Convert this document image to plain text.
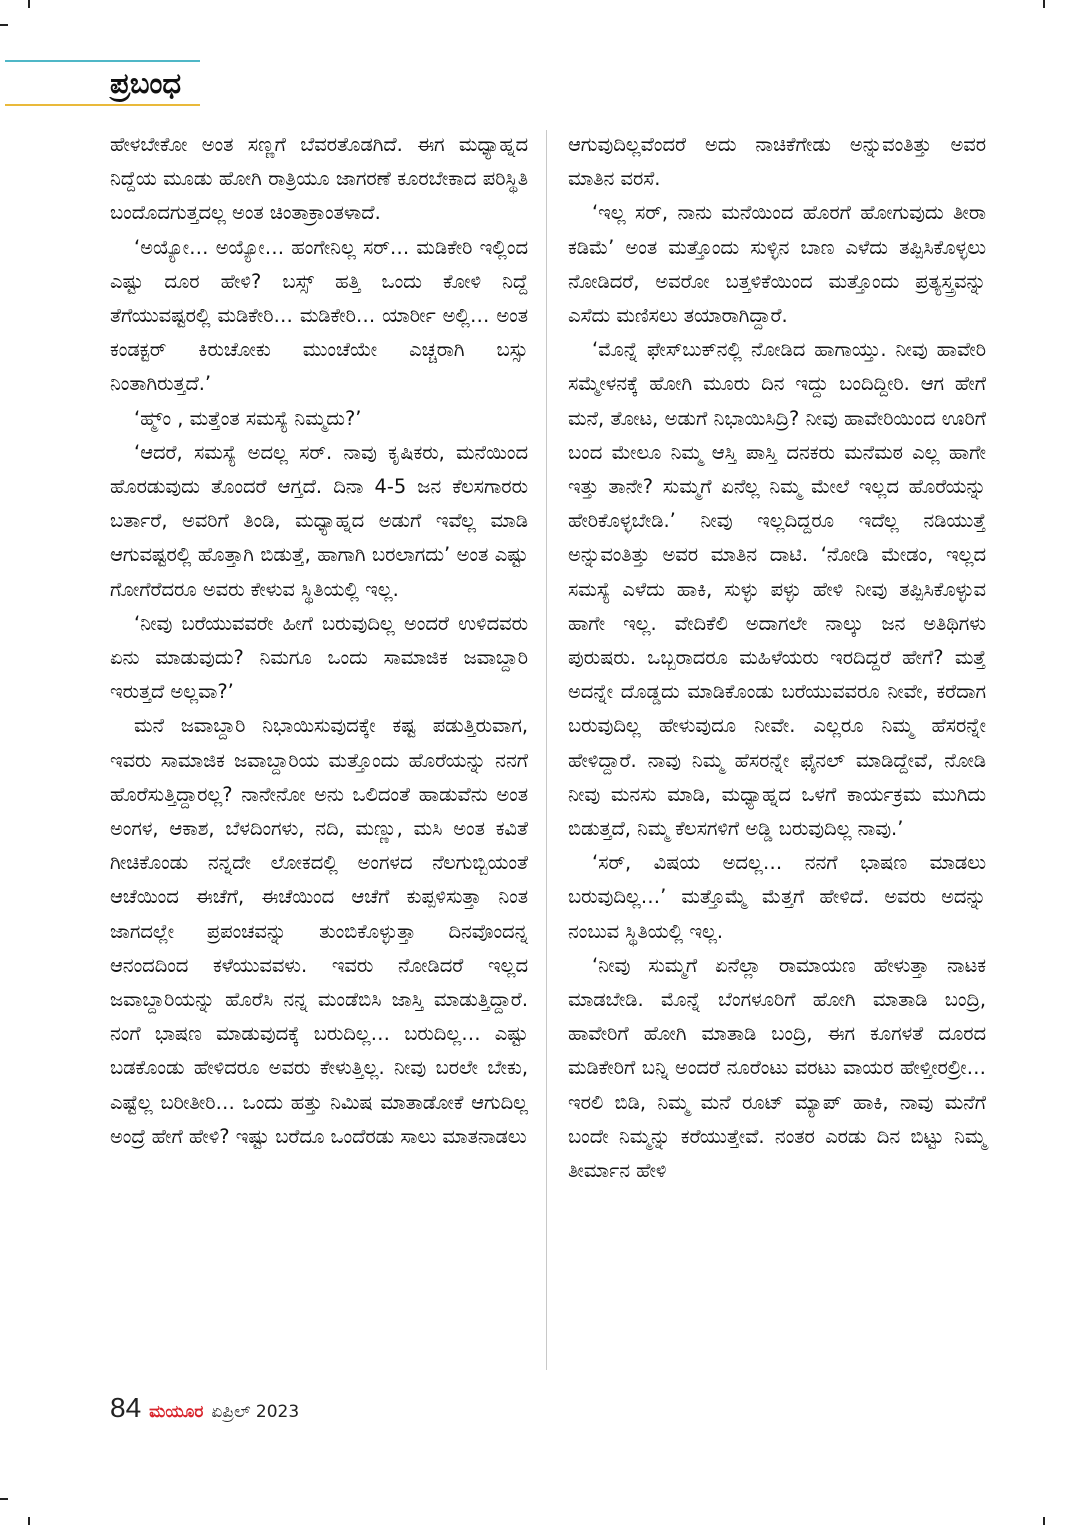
ಪ್ರಬಂಧ

ಹೇಳಬೇಕೋ ಅಂತ ಸಣ್ಣಗೆ ಬೆವರತೊಡಗಿದೆ. ಈಗ ಮಧ್ಯಾಹ್ನದ ನಿದ್ದೆಯ ಮೂಡು ಹೋಗಿ ರಾತ್ರಿಯೂ ಜಾಗರಣೆ ಕೂರಬೇಕಾದ ಪರಿಸ್ಥಿತಿ ಬಂದೊದಗುತ್ತದಲ್ಲ ಅಂತ ಚಿಂತಾಕ್ರಾಂತಳಾದೆ.

‘ಅಯ್ಯೋ… ಅಯ್ಯೋ… ಹಂಗೇನಿಲ್ಲ ಸರ್… ಮಡಿಕೇರಿ ಇಲ್ಲಿಂದ ಎಷ್ಟು ದೂರ ಹೇಳಿ? ಬಸ್ಸ್ ಹತ್ತಿ ಒಂದು ಕೋಳಿ ನಿದ್ದೆ ತೆಗೆಯುವಷ್ಟರಲ್ಲಿ ಮಡಿಕೇರಿ… ಮಡಿಕೇರಿ… ಯಾರ್ರೀ ಅಲ್ಲಿ… ಅಂತ ಕಂಡಕ್ಟರ್ ಕಿರುಚೋಕು ಮುಂಚೆಯೇ ಎಚ್ಚರಾಗಿ ಬಸ್ಸು ನಿಂತಾಗಿರುತ್ತದೆ.’

‘ಹ್ಮ್ಂ , ಮತ್ತೆಂತ ಸಮಸ್ಯೆ ನಿಮ್ಮದು?’

‘ಆದರೆ, ಸಮಸ್ಯೆ ಅದಲ್ಲ ಸರ್. ನಾವು ಕೃಷಿಕರು, ಮನೆಯಿಂದ ಹೊರಡುವುದು ತೊಂದರೆ ಆಗ್ತದೆ. ದಿನಾ 4-5 ಜನ ಕೆಲಸಗಾರರು ಬರ್ತಾರೆ, ಅವರಿಗೆ ತಿಂಡಿ, ಮಧ್ಯಾಹ್ನದ ಅಡುಗೆ ಇವೆಲ್ಲ ಮಾಡಿ ಆಗುವಷ್ಟರಲ್ಲಿ ಹೊತ್ತಾಗಿ ಬಿಡುತ್ತೆ, ಹಾಗಾಗಿ ಬರಲಾಗದು’ ಅಂತ ಎಷ್ಟು ಗೋಗೆರೆದರೂ ಅವರು ಕೇಳುವ ಸ್ಥಿತಿಯಲ್ಲಿ ಇಲ್ಲ.

‘ನೀವು ಬರೆಯುವವರೇ ಹೀಗೆ ಬರುವುದಿಲ್ಲ ಅಂದರೆ ಉಳಿದವರು ಏನು ಮಾಡುವುದು? ನಿಮಗೂ ಒಂದು ಸಾಮಾಜಿಕ ಜವಾಬ್ದಾರಿ ಇರುತ್ತದೆ ಅಲ್ಲವಾ?’

ಮನೆ ಜವಾಬ್ದಾರಿ ನಿಭಾಯಿಸುವುದಕ್ಕೇ ಕಷ್ಟ ಪಡುತ್ತಿರುವಾಗ, ಇವರು ಸಾಮಾಜಿಕ ಜವಾಬ್ದಾರಿಯ ಮತ್ತೊಂದು ಹೊರೆಯನ್ನು ನನಗೆ ಹೊರೆಸುತ್ತಿದ್ದಾರಲ್ಲ? ನಾನೇನೋ ಅನು ಒಲಿದಂತೆ ಹಾಡುವೆನು ಅಂತ ಅಂಗಳ, ಆಕಾಶ, ಬೆಳದಿಂಗಳು, ನದಿ, ಮಣ್ಣು, ಮಸಿ ಅಂತ ಕವಿತೆ ಗೀಚಿಕೊಂಡು ನನ್ನದೇ ಲೋಕದಲ್ಲಿ ಅಂಗಳದ ನೆಲಗುಬ್ಬಿಯಂತೆ ಆಚೆಯಿಂದ ಈಚೆಗೆ, ಈಚೆಯಿಂದ ಆಚೆಗೆ ಕುಪ್ಪಳಿಸುತ್ತಾ ನಿಂತ ಜಾಗದಲ್ಲೇ ಪ್ರಪಂಚವನ್ನು ತುಂಬಿಕೊಳ್ಳುತ್ತಾ ದಿನವೊಂದನ್ನ ಆನಂದದಿಂದ ಕಳೆಯುವವಳು. ಇವರು ನೋಡಿದರೆ ಇಲ್ಲದ ಜವಾಬ್ದಾರಿಯನ್ನು ಹೊರೆಸಿ ನನ್ನ ಮಂಡೆಬಿಸಿ ಜಾಸ್ತಿ ಮಾಡುತ್ತಿದ್ದಾರೆ. ನಂಗೆ ಭಾಷಣ ಮಾಡುವುದಕ್ಕೆ ಬರುದಿಲ್ಲ… ಬರುದಿಲ್ಲ… ಎಷ್ಟು ಬಡಕೊಂಡು ಹೇಳಿದರೂ ಅವರು ಕೇಳುತ್ತಿಲ್ಲ. ನೀವು ಬರಲೇ ಬೇಕು, ಎಷ್ಟೆಲ್ಲ ಬರೀತೀರಿ… ಒಂದು ಹತ್ತು ನಿಮಿಷ ಮಾತಾಡೋಕೆ ಆಗುದಿಲ್ಲ ಅಂದ್ರೆ ಹೇಗೆ ಹೇಳಿ? ಇಷ್ಟು ಬರೆದೂ ಒಂದೆರಡು ಸಾಲು ಮಾತನಾಡಲು

ಆಗುವುದಿಲ್ಲವೆಂದರೆ ಅದು ನಾಚಿಕೆಗೇಡು ಅನ್ನುವಂತಿತ್ತು ಅವರ ಮಾತಿನ ವರಸೆ.

‘ಇಲ್ಲ ಸರ್, ನಾನು ಮನೆಯಿಂದ ಹೊರಗೆ ಹೋಗುವುದು ತೀರಾ ಕಡಿಮೆ’ ಅಂತ ಮತ್ತೊಂದು ಸುಳ್ಳಿನ ಬಾಣ ಎಳೆದು ತಪ್ಪಿಸಿಕೊಳ್ಳಲು ನೋಡಿದರೆ, ಅವರೋ ಬತ್ತಳಿಕೆಯಿಂದ ಮತ್ತೊಂದು ಪ್ರತ್ಯಸ್ತ್ರವನ್ನು ಎಸೆದು ಮಣಿಸಲು ತಯಾರಾಗಿದ್ದಾರೆ.

‘ಮೊನ್ನೆ ಫೇಸ್‌ಬುಕ್‌ನಲ್ಲಿ ನೋಡಿದ ಹಾಗಾಯ್ತು. ನೀವು ಹಾವೇರಿ ಸಮ್ಮೇಳನಕ್ಕೆ ಹೋಗಿ ಮೂರು ದಿನ ಇದ್ದು ಬಂದಿದ್ದೀರಿ. ಆಗ ಹೇಗೆ ಮನೆ, ತೋಟ, ಅಡುಗೆ ನಿಭಾಯಿಸಿದ್ರಿ? ನೀವು ಹಾವೇರಿಯಿಂದ ಊರಿಗೆ ಬಂದ ಮೇಲೂ ನಿಮ್ಮ ಆಸ್ತಿ ಪಾಸ್ತಿ ದನಕರು ಮನೆಮಠ ಎಲ್ಲ ಹಾಗೇ ಇತ್ತು ತಾನೇ? ಸುಮ್ಮಗೆ ಏನೆಲ್ಲ ನಿಮ್ಮ ಮೇಲೆ ಇಲ್ಲದ ಹೊರೆಯನ್ನು ಹೇರಿಕೊಳ್ಳಬೇಡಿ.’ ನೀವು ಇಲ್ಲದಿದ್ದರೂ ಇದೆಲ್ಲ ನಡಿಯುತ್ತೆ ಅನ್ನುವಂತಿತ್ತು ಅವರ ಮಾತಿನ ದಾಟಿ. ‘ನೋಡಿ ಮೇಡಂ, ಇಲ್ಲದ ಸಮಸ್ಯೆ ಎಳೆದು ಹಾಕಿ, ಸುಳ್ಳು ಪಳ್ಳು ಹೇಳಿ ನೀವು ತಪ್ಪಿಸಿಕೊಳ್ಳುವ ಹಾಗೇ ಇಲ್ಲ. ವೇದಿಕೆಲಿ ಅದಾಗಲೇ ನಾಲ್ಕು ಜನ ಅತಿಥಿಗಳು ಪುರುಷರು. ಒಬ್ಬರಾದರೂ ಮಹಿಳೆಯರು ಇರದಿದ್ದರೆ ಹೇಗೆ? ಮತ್ತೆ ಅದನ್ನೇ ದೊಡ್ಡದು ಮಾಡಿಕೊಂಡು ಬರೆಯುವವರೂ ನೀವೇ, ಕರೆದಾಗ ಬರುವುದಿಲ್ಲ ಹೇಳುವುದೂ ನೀವೇ. ಎಲ್ಲರೂ ನಿಮ್ಮ ಹೆಸರನ್ನೇ ಹೇಳಿದ್ದಾರೆ. ನಾವು ನಿಮ್ಮ ಹೆಸರನ್ನೇ ಫೈನಲ್ ಮಾಡಿದ್ದೇವೆ, ನೋಡಿ ನೀವು ಮನಸು ಮಾಡಿ, ಮಧ್ಯಾಹ್ನದ ಒಳಗೆ ಕಾರ್ಯಕ್ರಮ ಮುಗಿದು ಬಿಡುತ್ತದೆ, ನಿಮ್ಮ ಕೆಲಸಗಳಿಗೆ ಅಡ್ಡಿ ಬರುವುದಿಲ್ಲ ನಾವು.’

‘ಸರ್, ವಿಷಯ ಅದಲ್ಲ… ನನಗೆ ಭಾಷಣ ಮಾಡಲು ಬರುವುದಿಲ್ಲ…’ ಮತ್ತೊಮ್ಮೆ ಮೆತ್ತಗೆ ಹೇಳಿದೆ. ಅವರು ಅದನ್ನು ನಂಬುವ ಸ್ಥಿತಿಯಲ್ಲಿ ಇಲ್ಲ.

‘ನೀವು ಸುಮ್ಮಗೆ ಏನೆಲ್ಲಾ ರಾಮಾಯಣ ಹೇಳುತ್ತಾ ನಾಟಕ ಮಾಡಬೇಡಿ. ಮೊನ್ನೆ ಬೆಂಗಳೂರಿಗೆ ಹೋಗಿ ಮಾತಾಡಿ ಬಂದ್ರಿ, ಹಾವೇರಿಗೆ ಹೋಗಿ ಮಾತಾಡಿ ಬಂದ್ರಿ, ಈಗ ಕೂಗಳತೆ ದೂರದ ಮಡಿಕೇರಿಗೆ ಬನ್ನಿ ಅಂದರೆ ನೂರೆಂಟು ವರಟು ವಾಯರ ಹೇಳ್ತೀರಲ್ರೀ… ಇರಲಿ ಬಿಡಿ, ನಿಮ್ಮ ಮನೆ ರೂಟ್ ಮ್ಯಾಪ್ ಹಾಕಿ, ನಾವು ಮನೆಗೆ ಬಂದೇ ನಿಮ್ಮನ್ನು ಕರೆಯುತ್ತೇವೆ. ನಂತರ ಎರಡು ದಿನ ಬಿಟ್ಟು ನಿಮ್ಮ ತೀರ್ಮಾನ ಹೇಳಿ

84 ಮಯೂರ ಏಪ್ರಿಲ್ 2023
